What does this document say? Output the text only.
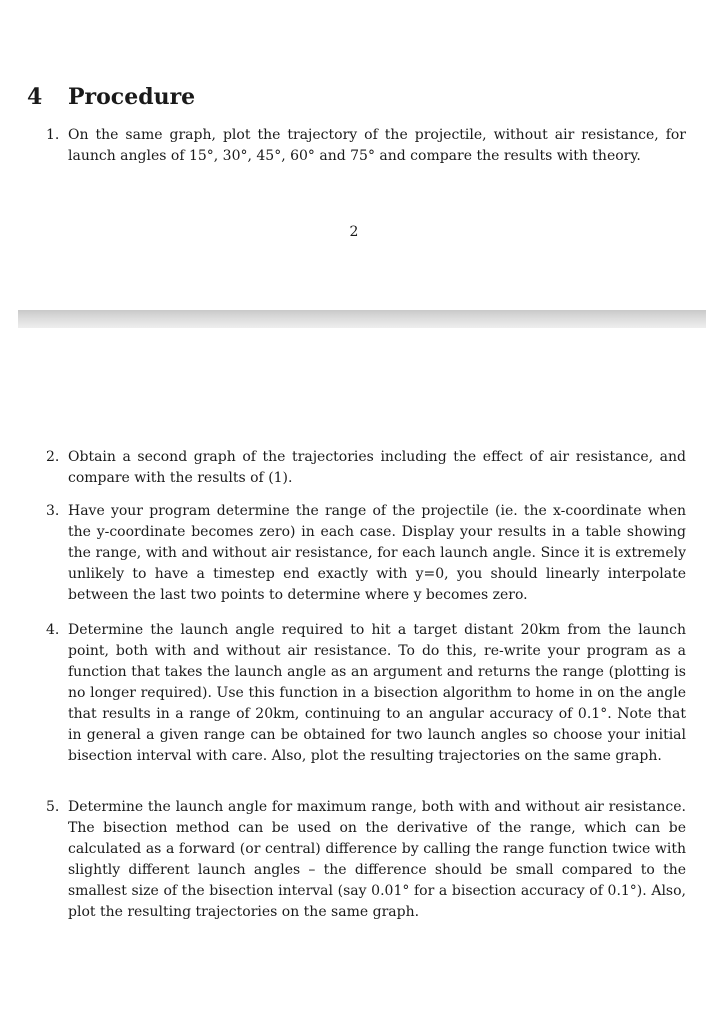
4 Procedure
1. On the same graph, plot the trajectory of the projectile, without air resistance, for launch angles of 15°, 30°, 45°, 60° and 75° and compare the results with theory.
2
2. Obtain a second graph of the trajectories including the effect of air resistance, and compare with the results of (1).
3. Have your program determine the range of the projectile (ie. the x-coordinate when the y-coordinate becomes zero) in each case. Display your results in a table showing the range, with and without air resistance, for each launch angle. Since it is extremely unlikely to have a timestep end exactly with y=0, you should linearly interpolate between the last two points to determine where y becomes zero.
4. Determine the launch angle required to hit a target distant 20km from the launch point, both with and without air resistance. To do this, re-write your program as a function that takes the launch angle as an argument and returns the range (plotting is no longer required). Use this function in a bisection algorithm to home in on the angle that results in a range of 20km, continuing to an angular accuracy of 0.1°. Note that in general a given range can be obtained for two launch angles so choose your initial bisection interval with care. Also, plot the resulting trajectories on the same graph.
5. Determine the launch angle for maximum range, both with and without air resistance. The bisection method can be used on the derivative of the range, which can be calculated as a forward (or central) difference by calling the range function twice with slightly different launch angles – the difference should be small compared to the smallest size of the bisection interval (say 0.01° for a bisection accuracy of 0.1°). Also, plot the resulting trajectories on the same graph.
